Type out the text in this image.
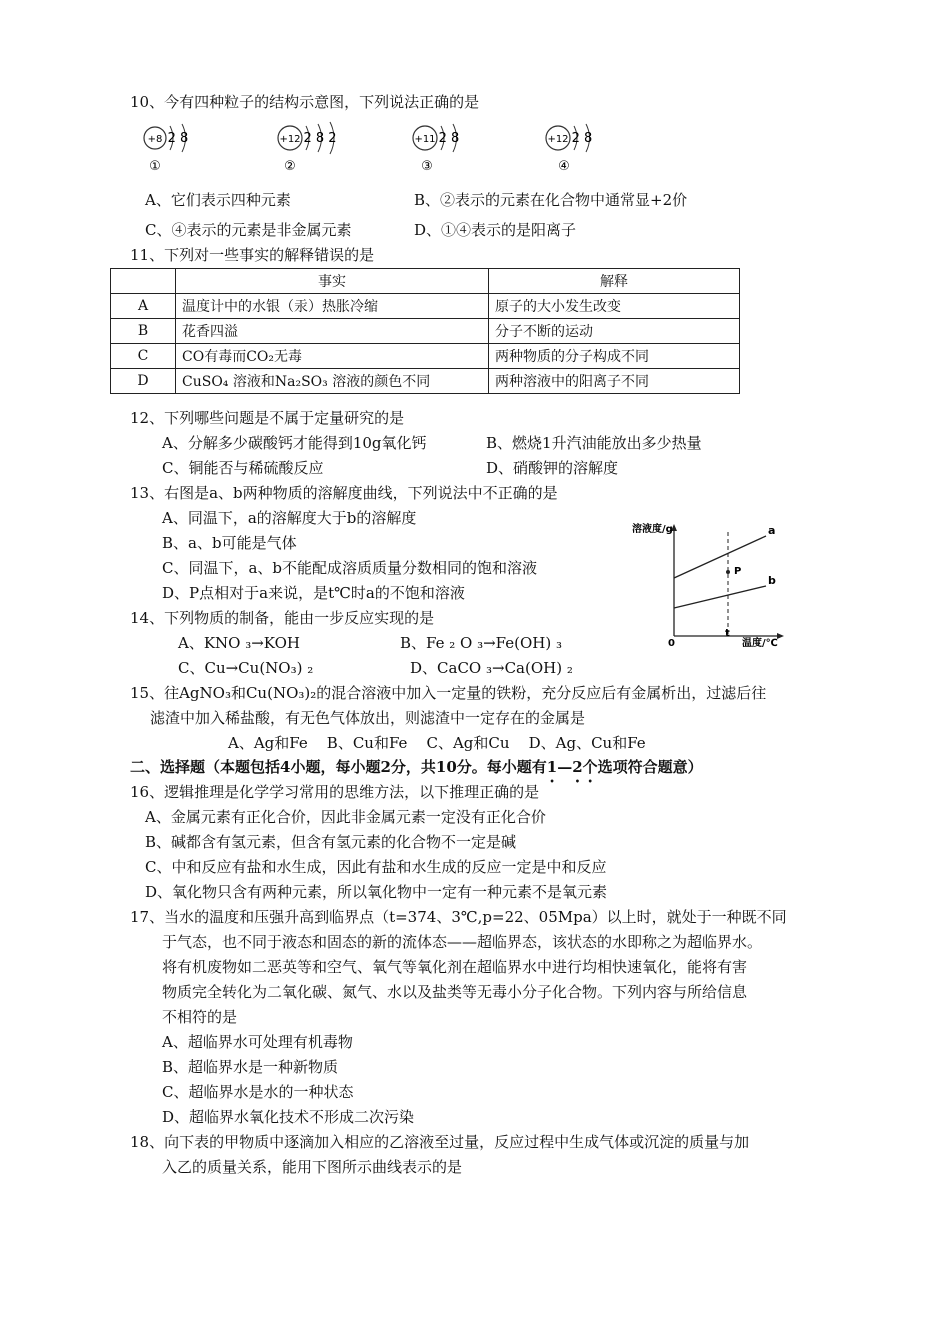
10、今有四种粒子的结构示意图，下列说法正确的是
+8 2 8
①
+12 2 8 2
②
+11 2 8
③
+12 2 8
④
A、它们表示四种元素	B、②表示的元素在化合物中通常显+2价
C、④表示的元素是非金属元素	D、①④表示的是阳离子
11、下列对一些事实的解释错误的是
	事实	解释
A	温度计中的水银（汞）热胀冷缩	原子的大小发生改变
B	花香四溢	分子不断的运动
C	CO有毒而CO₂无毒	两种物质的分子构成不同
D	CuSO₄ 溶液和Na₂SO₃ 溶液的颜色不同	两种溶液中的阳离子不同
12、下列哪些问题是不属于定量研究的是
A、分解多少碳酸钙才能得到10g氧化钙	B、燃烧1升汽油能放出多少热量
C、铜能否与稀硫酸反应	D、硝酸钾的溶解度
13、右图是a、b两种物质的溶解度曲线，下列说法中不正确的是
A、同温下，a的溶解度大于b的溶解度
B、a、b可能是气体
C、同温下，a、b不能配成溶质质量分数相同的饱和溶液
D、P点相对于a来说，是t℃时a的不饱和溶液
溶液度/g	a
b
P
0
t
温度/℃
14、下列物质的制备，能由一步反应实现的是
A、KNO ₃→KOH	B、Fe ₂ O ₃→Fe(OH) ₃
C、Cu→Cu(NO₃) ₂	D、CaCO ₃→Ca(OH) ₂
15、往AgNO₃和Cu(NO₃)₂的混合溶液中加入一定量的铁粉，充分反应后有金属析出，过滤后往
滤渣中加入稀盐酸，有无色气体放出，则滤渣中一定存在的金属是
A、Ag和Fe    B、Cu和Fe    C、Ag和Cu    D、Ag、Cu和Fe
二、选择题（本题包括4小题，每小题2分，共10分。每小题有1—2个选项符合题意）
16、逻辑推理是化学学习常用的思维方法，以下推理正确的是
A、金属元素有正化合价，因此非金属元素一定没有正化合价
B、碱都含有氢元素，但含有氢元素的化合物不一定是碱
C、中和反应有盐和水生成，因此有盐和水生成的反应一定是中和反应
D、氧化物只含有两种元素，所以氧化物中一定有一种元素不是氧元素
17、当水的温度和压强升高到临界点（t=374、3℃,p=22、05Mpa）以上时，就处于一种既不同
于气态，也不同于液态和固态的新的流体态——超临界态，该状态的水即称之为超临界水。
将有机废物如二恶英等和空气、氧气等氧化剂在超临界水中进行均相快速氧化，能将有害
物质完全转化为二氧化碳、氮气、水以及盐类等无毒小分子化合物。下列内容与所给信息
不相符的是
A、超临界水可处理有机毒物
B、超临界水是一种新物质
C、超临界水是水的一种状态
D、超临界水氧化技术不形成二次污染
18、向下表的甲物质中逐滴加入相应的乙溶液至过量，反应过程中生成气体或沉淀的质量与加
入乙的质量关系，能用下图所示曲线表示的是
